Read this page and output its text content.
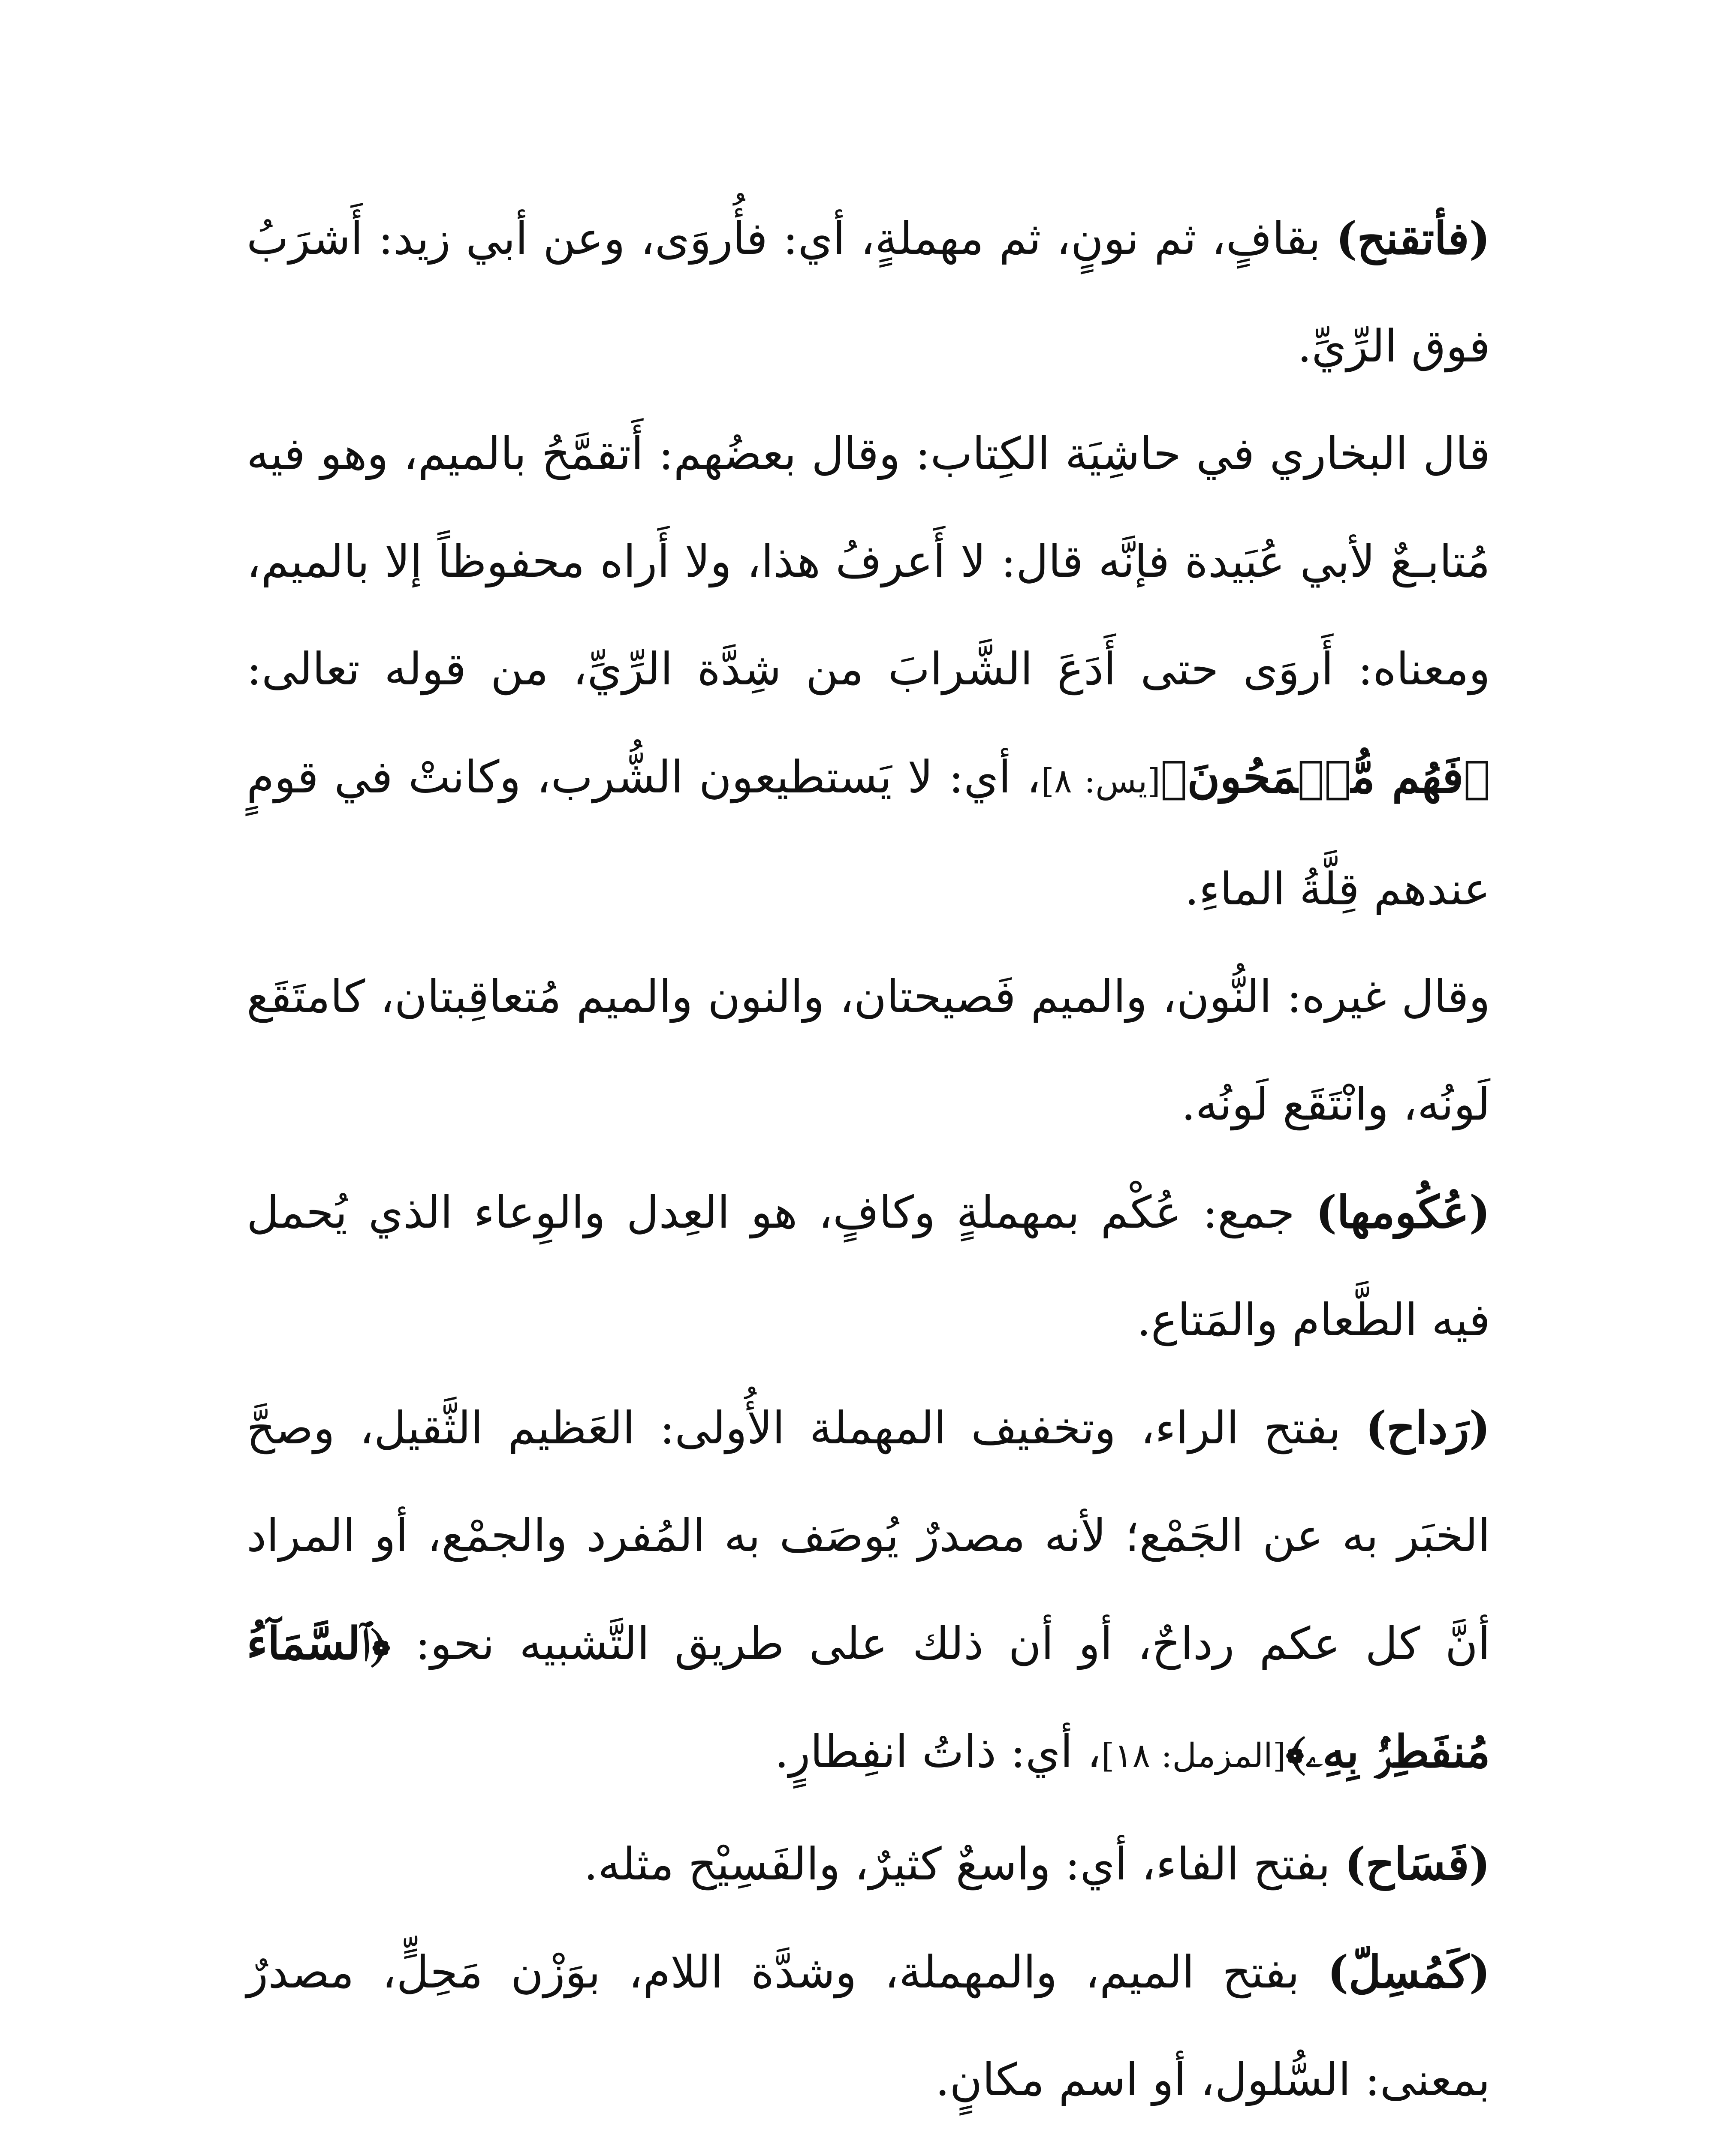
(فأتقنح) بقافٍ، ثم نونٍ، ثم مهملةٍ، أي: فأُروَى، وعن أبي زيد: أَشرَبُ فوق الرِّيِّ.

قال البخاري في حاشِيَة الكِتاب: وقال بعضُهم: أَتقمَّحُ بالميم، وهو فيه مُتابـعٌ لأبي عُبَيدة فإنَّه قال: لا أَعرفُ هذا، ولا أَراه محفوظاً إلا بالميم، ومعناه: أَروَى حتى أَدَعَ الشَّرابَ من شِدَّة الرِّيِّ، من قوله تعالى: ﴿فَهُم مُّقۡمَحُونَ﴾[يس: ٨]، أي: لا يَستطيعون الشُّرب، وكانتْ في قومٍ عندهم قِلَّةُ الماءِ.

وقال غيره: النُّون، والميم فَصيحتان، والنون والميم مُتعاقِبتان، كامتَقَع لَونُه، وانْتَقَع لَونُه.

(عُكُومها) جمع: عُكْم بمهملةٍ وكافٍ، هو العِدل والوِعاء الذي يُحمل فيه الطَّعام والمَتاع.

(رَداح) بفتح الراء، وتخفيف المهملة الأُولى: العَظيم الثَّقيل، وصحَّ الخبَر به عن الجَمْع؛ لأنه مصدرٌ يُوصَف به المُفرد والجمْع، أو المراد أنَّ كل عكم رداحٌ، أو أن ذلك على طريق التَّشبيه نحو: ﴿ٱلسَّمَآءُ مُنفَطِرُۢ بِهِۦ﴾[المزمل: ١٨]، أي: ذاتُ انفِطارٍ.

(فَسَاح) بفتح الفاء، أي: واسعٌ كثيرٌ، والفَسِيْح مثله.

(كَمُسِلّ) بفتح الميم، والمهملة، وشدَّة اللام، بوَزْن مَحِلٍّ، مصدرٌ بمعنى: السُّلول، أو اسم مكانٍ.
